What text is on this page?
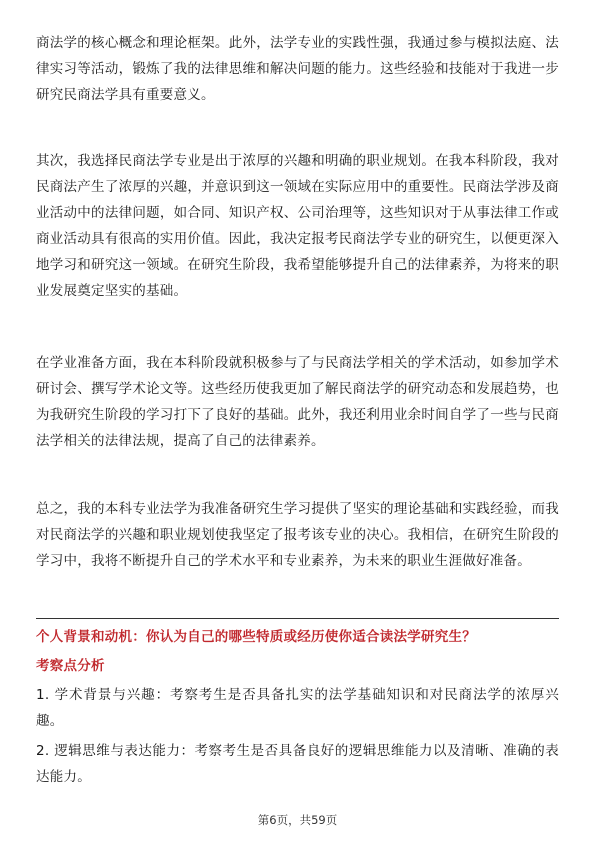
商法学的核心概念和理论框架。此外，法学专业的实践性强，我通过参与模拟法庭、法律实习等活动，锻炼了我的法律思维和解决问题的能力。这些经验和技能对于我进一步研究民商法学具有重要意义。

其次，我选择民商法学专业是出于浓厚的兴趣和明确的职业规划。在我本科阶段，我对民商法产生了浓厚的兴趣，并意识到这一领域在实际应用中的重要性。民商法学涉及商业活动中的法律问题，如合同、知识产权、公司治理等，这些知识对于从事法律工作或商业活动具有很高的实用价值。因此，我决定报考民商法学专业的研究生，以便更深入地学习和研究这一领域。在研究生阶段，我希望能够提升自己的法律素养，为将来的职业发展奠定坚实的基础。

在学业准备方面，我在本科阶段就积极参与了与民商法学相关的学术活动，如参加学术研讨会、撰写学术论文等。这些经历使我更加了解民商法学的研究动态和发展趋势，也为我研究生阶段的学习打下了良好的基础。此外，我还利用业余时间自学了一些与民商法学相关的法律法规，提高了自己的法律素养。

总之，我的本科专业法学为我准备研究生学习提供了坚实的理论基础和实践经验，而我对民商法学的兴趣和职业规划使我坚定了报考该专业的决心。我相信，在研究生阶段的学习中，我将不断提升自己的学术水平和专业素养，为未来的职业生涯做好准备。

个人背景和动机：你认为自己的哪些特质或经历使你适合读法学研究生？

考察点分析

1. 学术背景与兴趣：考察考生是否具备扎实的法学基础知识和对民商法学的浓厚兴趣。
2. 逻辑思维与表达能力：考察考生是否具备良好的逻辑思维能力以及清晰、准确的表达能力。
第6页，共59页
